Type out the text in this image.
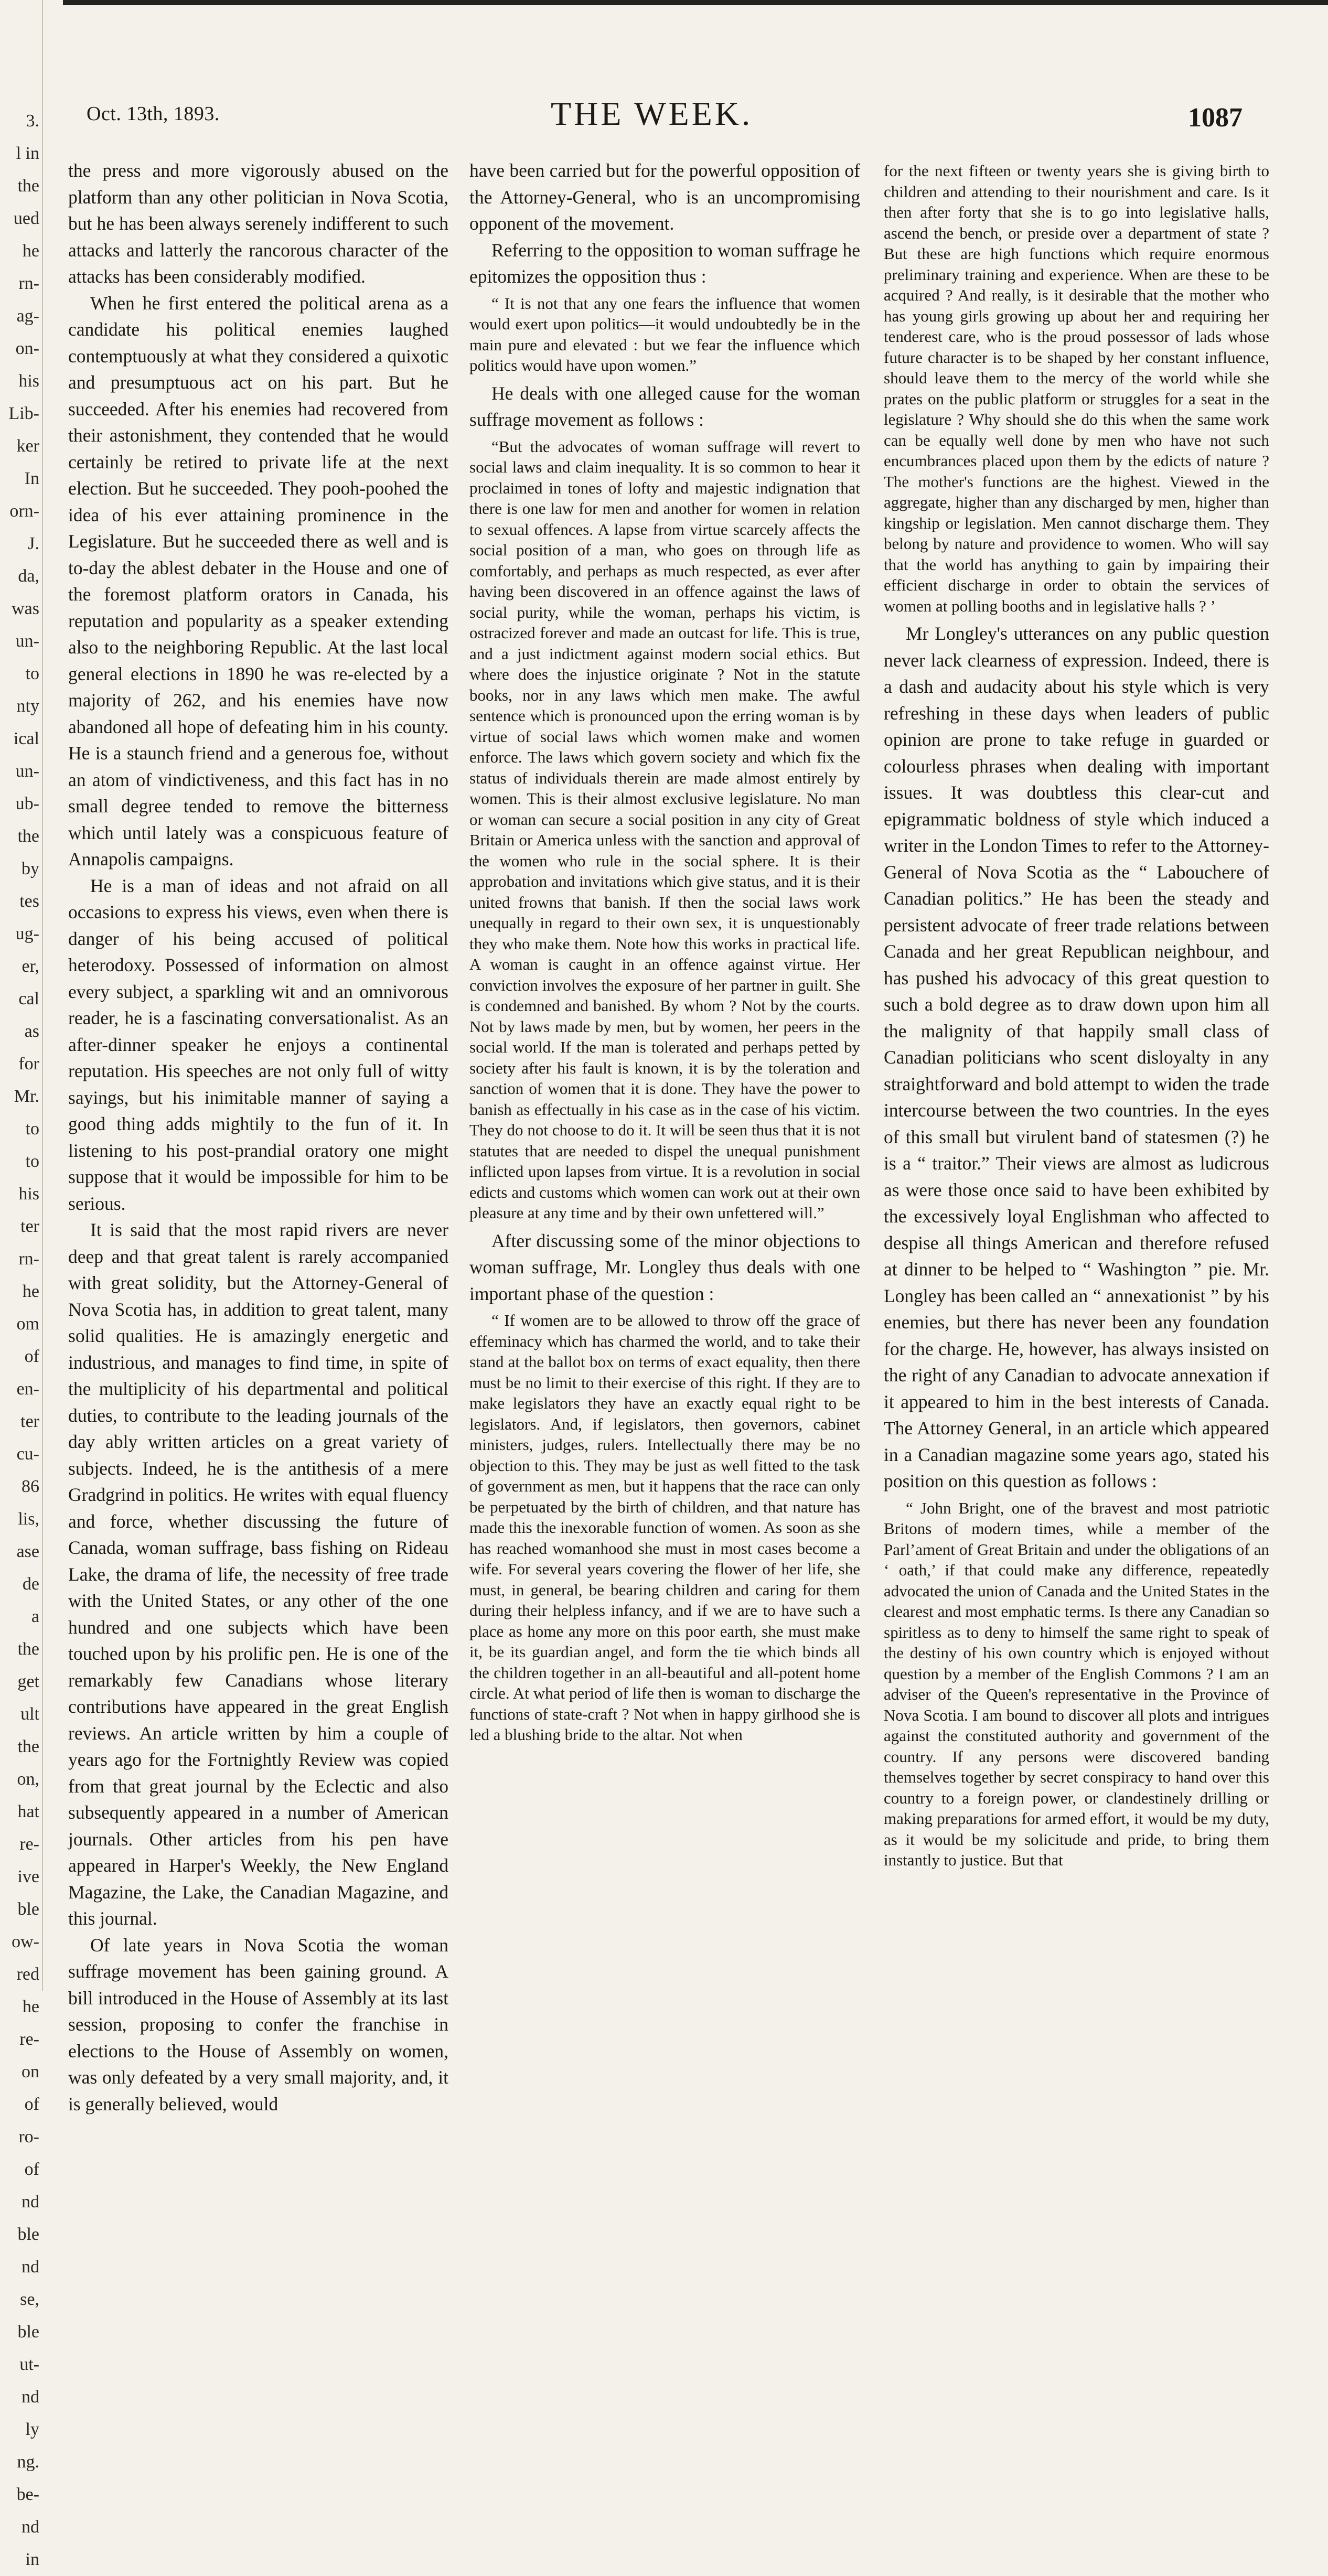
3.
l in
the
ued
he
rn-
ag-
on-
his
Lib-
ker
In
orn-
J.
da,
was
un-
to
nty
ical
un-
ub-
the
by
tes
ug-
er,
cal
as
for
Mr.
to
to
his
ter
rn-
he
om
of
en-
ter
cu-
86
lis,
ase
de
a
the
get
ult
the
on,
hat
re-
ive
ble
ow-
red
he
re-
on
of
ro-
of
nd
ble
nd
se,
ble
ut-
nd
ly
ng.
be-
nd
in
Oct. 13th, 1893.	THE WEEK.	1087

the press and more vigorously abused on the platform than any other politician in Nova Scotia, but he has been always serenely indifferent to such attacks and latterly the rancorous character of the attacks has been considerably modified.

When he first entered the political arena as a candidate his political enemies laughed contemptuously at what they considered a quixotic and presumptuous act on his part. But he succeeded. After his enemies had recovered from their astonishment, they contended that he would certainly be retired to private life at the next election. But he succeeded. They pooh-poohed the idea of his ever attaining prominence in the Legislature. But he succeeded there as well and is to-day the ablest debater in the House and one of the foremost platform orators in Canada, his reputation and popularity as a speaker extending also to the neighboring Republic. At the last local general elections in 1890 he was re-elected by a majority of 262, and his enemies have now abandoned all hope of defeating him in his county. He is a staunch friend and a generous foe, without an atom of vindictiveness, and this fact has in no small degree tended to remove the bitterness which until lately was a conspicuous feature of Annapolis campaigns.

He is a man of ideas and not afraid on all occasions to express his views, even when there is danger of his being accused of political heterodoxy. Possessed of information on almost every subject, a sparkling wit and an omnivorous reader, he is a fascinating conversationalist. As an after-dinner speaker he enjoys a continental reputation. His speeches are not only full of witty sayings, but his inimitable manner of saying a good thing adds mightily to the fun of it. In listening to his post-prandial oratory one might suppose that it would be impossible for him to be serious.

It is said that the most rapid rivers are never deep and that great talent is rarely accompanied with great solidity, but the Attorney-General of Nova Scotia has, in addition to great talent, many solid qualities. He is amazingly energetic and industrious, and manages to find time, in spite of the multiplicity of his departmental and political duties, to contribute to the leading journals of the day ably written articles on a great variety of subjects. Indeed, he is the antithesis of a mere Gradgrind in politics. He writes with equal fluency and force, whether discussing the future of Canada, woman suffrage, bass fishing on Rideau Lake, the drama of life, the necessity of free trade with the United States, or any other of the one hundred and one subjects which have been touched upon by his prolific pen. He is one of the remarkably few Canadians whose literary contributions have appeared in the great English reviews. An article written by him a couple of years ago for the Fortnightly Review was copied from that great journal by the Eclectic and also subsequently appeared in a number of American journals. Other articles from his pen have appeared in Harper's Weekly, the New England Magazine, the Lake, the Canadian Magazine, and this journal.

Of late years in Nova Scotia the woman suffrage movement has been gaining ground. A bill introduced in the House of Assembly at its last session, proposing to confer the franchise in elections to the House of Assembly on women, was only defeated by a very small majority, and, it is generally believed, would

have been carried but for the powerful opposition of the Attorney-General, who is an uncompromising opponent of the movement.

Referring to the opposition to woman suffrage he epitomizes the opposition thus :

“ It is not that any one fears the influence that women would exert upon politics—it would undoubtedly be in the main pure and elevated : but we fear the influence which politics would have upon women.”

He deals with one alleged cause for the woman suffrage movement as follows :

“But the advocates of woman suffrage will revert to social laws and claim inequality. It is so common to hear it proclaimed in tones of lofty and majestic indignation that there is one law for men and another for women in relation to sexual offences. A lapse from virtue scarcely affects the social position of a man, who goes on through life as comfortably, and perhaps as much respected, as ever after having been discovered in an offence against the laws of social purity, while the woman, perhaps his victim, is ostracized forever and made an outcast for life. This is true, and a just indictment against modern social ethics. But where does the injustice originate ? Not in the statute books, nor in any laws which men make. The awful sentence which is pronounced upon the erring woman is by virtue of social laws which women make and women enforce. The laws which govern society and which fix the status of individuals therein are made almost entirely by women. This is their almost exclusive legislature. No man or woman can secure a social position in any city of Great Britain or America unless with the sanction and approval of the women who rule in the social sphere. It is their approbation and invitations which give status, and it is their united frowns that banish. If then the social laws work unequally in regard to their own sex, it is unquestionably they who make them. Note how this works in practical life. A woman is caught in an offence against virtue. Her conviction involves the exposure of her partner in guilt. She is condemned and banished. By whom ? Not by the courts. Not by laws made by men, but by women, her peers in the social world. If the man is tolerated and perhaps petted by society after his fault is known, it is by the toleration and sanction of women that it is done. They have the power to banish as effectually in his case as in the case of his victim. They do not choose to do it. It will be seen thus that it is not statutes that are needed to dispel the unequal punishment inflicted upon lapses from virtue. It is a revolution in social edicts and customs which women can work out at their own pleasure at any time and by their own unfettered will.”

After discussing some of the minor objections to woman suffrage, Mr. Longley thus deals with one important phase of the question :

“ If women are to be allowed to throw off the grace of effeminacy which has charmed the world, and to take their stand at the ballot box on terms of exact equality, then there must be no limit to their exercise of this right. If they are to make legislators they have an exactly equal right to be legislators. And, if legislators, then governors, cabinet ministers, judges, rulers. Intellectually there may be no objection to this. They may be just as well fitted to the task of government as men, but it happens that the race can only be perpetuated by the birth of children, and that nature has made this the inexorable function of women. As soon as she has reached womanhood she must in most cases become a wife. For several years covering the flower of her life, she must, in general, be bearing children and caring for them during their helpless infancy, and if we are to have such a place as home any more on this poor earth, she must make it, be its guardian angel, and form the tie which binds all the children together in an all-beautiful and all-potent home circle. At what period of life then is woman to discharge the functions of state-craft ? Not when in happy girlhood she is led a blushing bride to the altar. Not when

for the next fifteen or twenty years she is giving birth to children and attending to their nourishment and care. Is it then after forty that she is to go into legislative halls, ascend the bench, or preside over a department of state ? But these are high functions which require enormous preliminary training and experience. When are these to be acquired ? And really, is it desirable that the mother who has young girls growing up about her and requiring her tenderest care, who is the proud possessor of lads whose future character is to be shaped by her constant influence, should leave them to the mercy of the world while she prates on the public platform or struggles for a seat in the legislature ? Why should she do this when the same work can be equally well done by men who have not such encumbrances placed upon them by the edicts of nature ? The mother's functions are the highest. Viewed in the aggregate, higher than any discharged by men, higher than kingship or legislation. Men cannot discharge them. They belong by nature and providence to women. Who will say that the world has anything to gain by impairing their efficient discharge in order to obtain the services of women at polling booths and in legislative halls ? ’

Mr Longley's utterances on any public question never lack clearness of expression. Indeed, there is a dash and audacity about his style which is very refreshing in these days when leaders of public opinion are prone to take refuge in guarded or colourless phrases when dealing with important issues. It was doubtless this clear-cut and epigrammatic boldness of style which induced a writer in the London Times to refer to the Attorney-General of Nova Scotia as the “ Labouchere of Canadian politics.” He has been the steady and persistent advocate of freer trade relations between Canada and her great Republican neighbour, and has pushed his advocacy of this great question to such a bold degree as to draw down upon him all the malignity of that happily small class of Canadian politicians who scent disloyalty in any straightforward and bold attempt to widen the trade intercourse between the two countries. In the eyes of this small but virulent band of statesmen (?) he is a “ traitor.” Their views are almost as ludicrous as were those once said to have been exhibited by the excessively loyal Englishman who affected to despise all things American and therefore refused at dinner to be helped to “ Washington ” pie. Mr. Longley has been called an “ annexationist ” by his enemies, but there has never been any foundation for the charge. He, however, has always insisted on the right of any Canadian to advocate annexation if it appeared to him in the best interests of Canada. The Attorney General, in an article which appeared in a Canadian magazine some years ago, stated his position on this question as follows :

“ John Bright, one of the bravest and most patriotic Britons of modern times, while a member of the Parl’ament of Great Britain and under the obligations of an ‘ oath,’ if that could make any difference, repeatedly advocated the union of Canada and the United States in the clearest and most emphatic terms. Is there any Canadian so spiritless as to deny to himself the same right to speak of the destiny of his own country which is enjoyed without question by a member of the English Commons ? I am an adviser of the Queen's representative in the Province of Nova Scotia. I am bound to discover all plots and intrigues against the constituted authority and government of the country. If any persons were discovered banding themselves together by secret conspiracy to hand over this country to a foreign power, or clandestinely drilling or making preparations for armed effort, it would be my duty, as it would be my solicitude and pride, to bring them instantly to justice. But that
